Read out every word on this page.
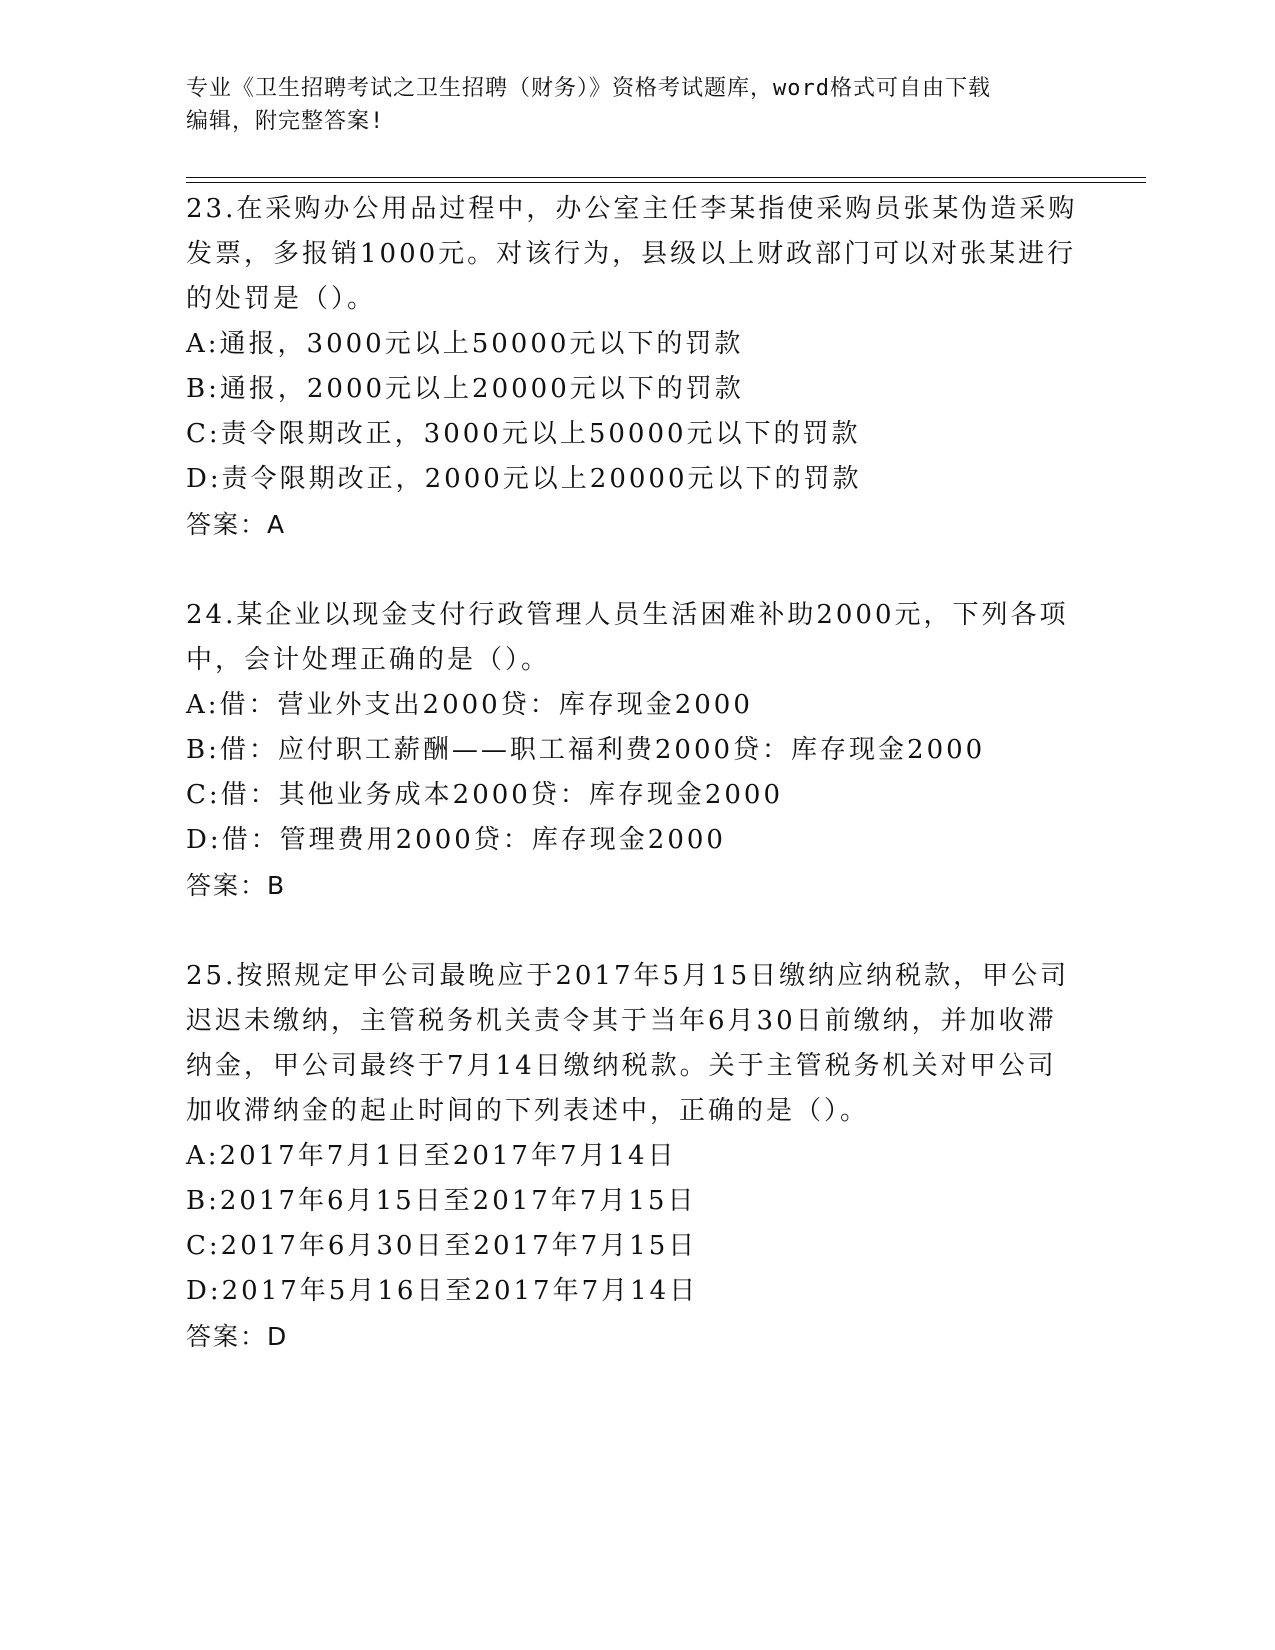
专业《卫生招聘考试之卫生招聘（财务）》资格考试题库，word格式可自由下载
编辑，附完整答案!
23.在采购办公用品过程中，办公室主任李某指使采购员张某伪造采购
发票，多报销1000元。对该行为，县级以上财政部门可以对张某进行
的处罚是（）。
A:通报，3000元以上50000元以下的罚款
B:通报，2000元以上20000元以下的罚款
C:责令限期改正，3000元以上50000元以下的罚款
D:责令限期改正，2000元以上20000元以下的罚款
答案：A
24.某企业以现金支付行政管理人员生活困难补助2000元，下列各项
中，会计处理正确的是（）。
A:借：营业外支出2000贷：库存现金2000
B:借：应付职工薪酬——职工福利费2000贷：库存现金2000
C:借：其他业务成本2000贷：库存现金2000
D:借：管理费用2000贷：库存现金2000
答案：B
25.按照规定甲公司最晚应于2017年5月15日缴纳应纳税款，甲公司
迟迟未缴纳，主管税务机关责令其于当年6月30日前缴纳，并加收滞
纳金，甲公司最终于7月14日缴纳税款。关于主管税务机关对甲公司
加收滞纳金的起止时间的下列表述中，正确的是（）。
A:2017年7月1日至2017年7月14日
B:2017年6月15日至2017年7月15日
C:2017年6月30日至2017年7月15日
D:2017年5月16日至2017年7月14日
答案：D
